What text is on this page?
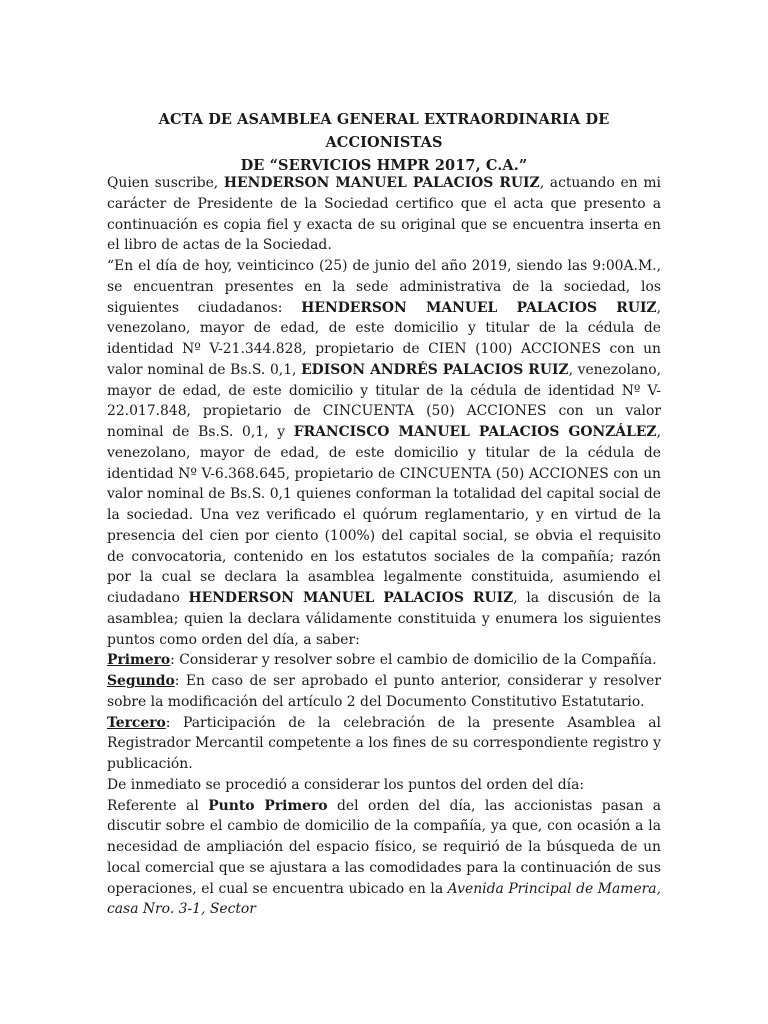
ACTA DE ASAMBLEA GENERAL EXTRAORDINARIA DE ACCIONISTAS
DE “SERVICIOS HMPR 2017, C.A.”

Quien suscribe, HENDERSON MANUEL PALACIOS RUIZ, actuando en mi carácter de Presidente de la Sociedad certifico que el acta que presento a continuación es copia fiel y exacta de su original que se encuentra inserta en el libro de actas de la Sociedad.

“En el día de hoy, veinticinco (25) de junio del año 2019, siendo las 9:00A.M., se encuentran presentes en la sede administrativa de la sociedad, los siguientes ciudadanos: HENDERSON MANUEL PALACIOS RUIZ, venezolano, mayor de edad, de este domicilio y titular de la cédula de identidad Nº V-21.344.828, propietario de CIEN (100) ACCIONES con un valor nominal de Bs.S. 0,1, EDISON ANDRÉS PALACIOS RUIZ, venezolano, mayor de edad, de este domicilio y titular de la cédula de identidad Nº V-22.017.848, propietario de CINCUENTA (50) ACCIONES con un valor nominal de Bs.S. 0,1, y FRANCISCO MANUEL PALACIOS GONZÁLEZ, venezolano, mayor de edad, de este domicilio y titular de la cédula de identidad Nº V-6.368.645, propietario de CINCUENTA (50) ACCIONES con un valor nominal de Bs.S. 0,1 quienes conforman la totalidad del capital social de la sociedad. Una vez verificado el quórum reglamentario, y en virtud de la presencia del cien por ciento (100%) del capital social, se obvia el requisito de convocatoria, contenido en los estatutos sociales de la compañía; razón por la cual se declara la asamblea legalmente constituida, asumiendo el ciudadano HENDERSON MANUEL PALACIOS RUIZ, la discusión de la asamblea; quien la declara válidamente constituida y enumera los siguientes puntos como orden del día, a saber:

Primero: Considerar y resolver sobre el cambio de domicilio de la Compañía.

Segundo: En caso de ser aprobado el punto anterior, considerar y resolver sobre la modificación del artículo 2 del Documento Constitutivo Estatutario.

Tercero: Participación de la celebración de la presente Asamblea al Registrador Mercantil competente a los fines de su correspondiente registro y publicación.

De inmediato se procedió a considerar los puntos del orden del día:

Referente al Punto Primero del orden del día, las accionistas pasan a discutir sobre el cambio de domicilio de la compañía, ya que, con ocasión a la necesidad de ampliación del espacio físico, se requirió de la búsqueda de un local comercial que se ajustara a las comodidades para la continuación de sus operaciones, el cual se encuentra ubicado en la Avenida Principal de Mamera, casa Nro. 3-1, Sector
